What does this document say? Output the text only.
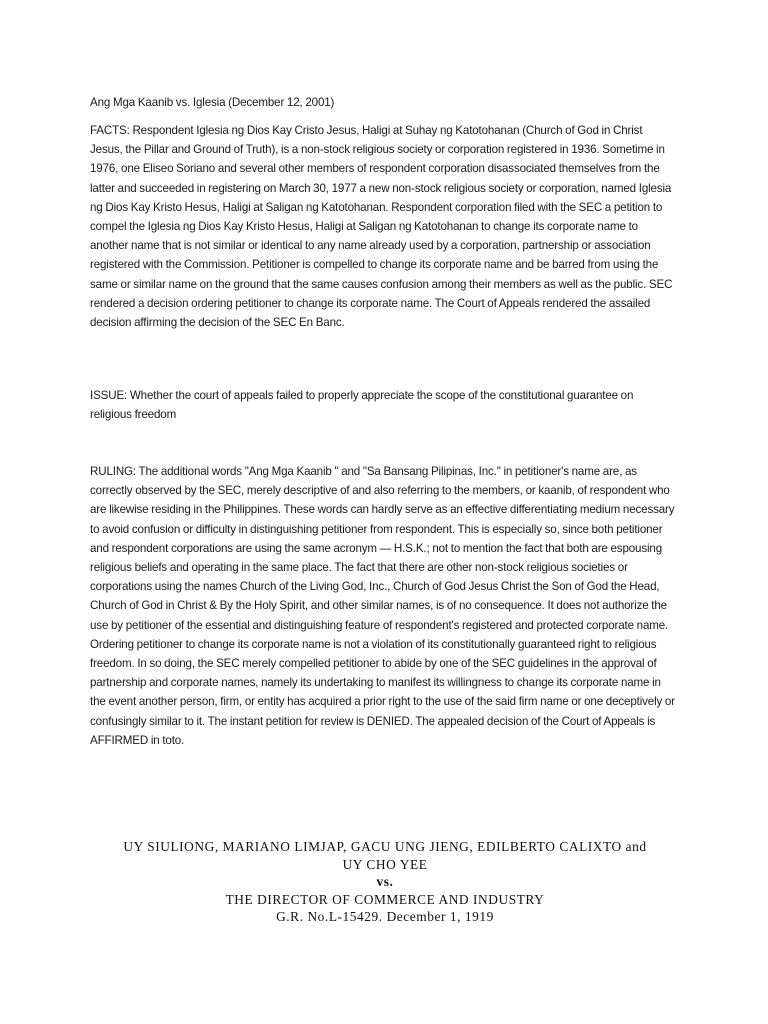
Ang Mga Kaanib vs. Iglesia (December 12, 2001)

FACTS: Respondent Iglesia ng Dios Kay Cristo Jesus, Haligi at Suhay ng Katotohanan (Church of God in Christ Jesus, the Pillar and Ground of Truth), is a non-stock religious society or corporation registered in 1936. Sometime in 1976, one Eliseo Soriano and several other members of respondent corporation disassociated themselves from the latter and succeeded in registering on March 30, 1977 a new non-stock religious society or corporation, named Iglesia ng Dios Kay Kristo Hesus, Haligi at Saligan ng Katotohanan. Respondent corporation filed with the SEC a petition to compel the Iglesia ng Dios Kay Kristo Hesus, Haligi at Saligan ng Katotohanan to change its corporate name to another name that is not similar or identical to any name already used by a corporation, partnership or association registered with the Commission. Petitioner is compelled to change its corporate name and be barred from using the same or similar name on the ground that the same causes confusion among their members as well as the public. SEC rendered a decision ordering petitioner to change its corporate name. The Court of Appeals rendered the assailed decision affirming the decision of the SEC En Banc.

ISSUE: Whether the court of appeals failed to properly appreciate the scope of the constitutional guarantee on religious freedom

RULING: The additional words "Ang Mga Kaanib " and "Sa Bansang Pilipinas, Inc." in petitioner's name are, as correctly observed by the SEC, merely descriptive of and also referring to the members, or kaanib, of respondent who are likewise residing in the Philippines. These words can hardly serve as an effective differentiating medium necessary to avoid confusion or difficulty in distinguishing petitioner from respondent. This is especially so, since both petitioner and respondent corporations are using the same acronym — H.S.K.; not to mention the fact that both are espousing religious beliefs and operating in the same place. The fact that there are other non-stock religious societies or corporations using the names Church of the Living God, Inc., Church of God Jesus Christ the Son of God the Head, Church of God in Christ & By the Holy Spirit, and other similar names, is of no consequence. It does not authorize the use by petitioner of the essential and distinguishing feature of respondent's registered and protected corporate name. Ordering petitioner to change its corporate name is not a violation of its constitutionally guaranteed right to religious freedom. In so doing, the SEC merely compelled petitioner to abide by one of the SEC guidelines in the approval of partnership and corporate names, namely its undertaking to manifest its willingness to change its corporate name in the event another person, firm, or entity has acquired a prior right to the use of the said firm name or one deceptively or confusingly similar to it. The instant petition for review is DENIED. The appealed decision of the Court of Appeals is AFFIRMED in toto.

UY SIULIONG, MARIANO LIMJAP, GACU UNG JIENG, EDILBERTO CALIXTO and
UY CHO YEE
vs.
THE DIRECTOR OF COMMERCE AND INDUSTRY
G.R. No.L-15429. December 1, 1919
